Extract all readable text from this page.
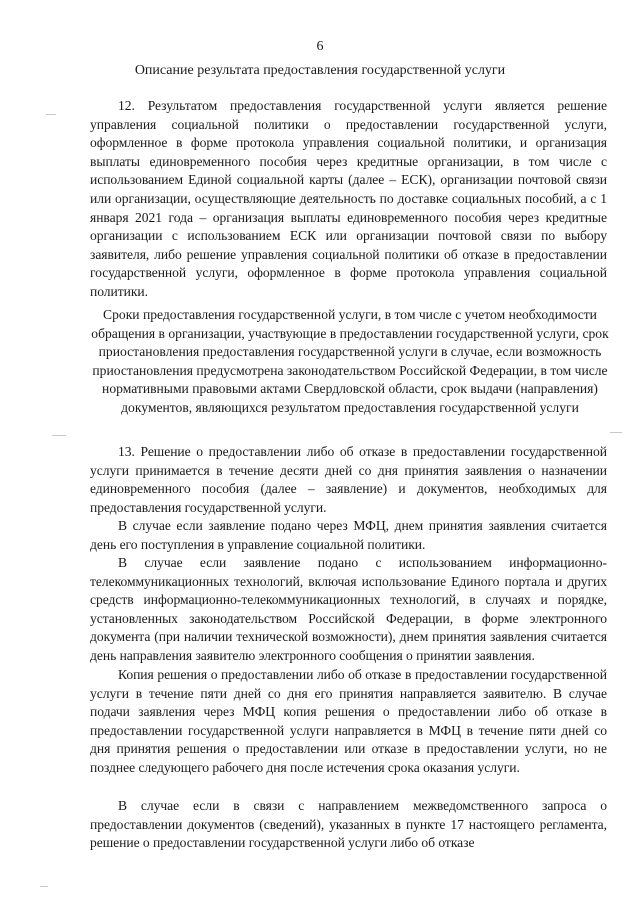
6
Описание результата предоставления государственной услуги

12. Результатом предоставления государственной услуги является решение управления социальной политики о предоставлении государственной услуги, оформленное в форме протокола управления социальной политики, и организация выплаты единовременного пособия через кредитные организации, в том числе с использованием Единой социальной карты (далее – ЕСК), организации почтовой связи или организации, осуществляющие деятельность по доставке социальных пособий, а с 1 января 2021 года – организация выплаты единовременного пособия через кредитные организации с использованием ЕСК или организации почтовой связи по выбору заявителя, либо решение управления социальной политики об отказе в предоставлении государственной услуги, оформленное в форме протокола управления социальной политики.

Сроки предоставления государственной услуги, в том числе с учетом необходимости обращения в организации, участвующие в предоставлении государственной услуги, срок приостановления предоставления государственной услуги в случае, если возможность приостановления предусмотрена законодательством Российской Федерации, в том числе нормативными правовыми актами Свердловской области, срок выдачи (направления) документов, являющихся результатом предоставления государственной услуги

13. Решение о предоставлении либо об отказе в предоставлении государственной услуги принимается в течение десяти дней со дня принятия заявления о назначении единовременного пособия (далее – заявление) и документов, необходимых для предоставления государственной услуги.

В случае если заявление подано через МФЦ, днем принятия заявления считается день его поступления в управление социальной политики.

В случае если заявление подано с использованием информационно-телекоммуникационных технологий, включая использование Единого портала и других средств информационно-телекоммуникационных технологий, в случаях и порядке, установленных законодательством Российской Федерации, в форме электронного документа (при наличии технической возможности), днем принятия заявления считается день направления заявителю электронного сообщения о принятии заявления.

Копия решения о предоставлении либо об отказе в предоставлении государственной услуги в течение пяти дней со дня его принятия направляется заявителю. В случае подачи заявления через МФЦ копия решения о предоставлении либо об отказе в предоставлении государственной услуги направляется в МФЦ в течение пяти дней со дня принятия решения о предоставлении или отказе в предоставлении услуги, но не позднее следующего рабочего дня после истечения срока оказания услуги.

В случае если в связи с направлением межведомственного запроса о предоставлении документов (сведений), указанных в пункте 17 настоящего регламента, решение о предоставлении государственной услуги либо об отказе
